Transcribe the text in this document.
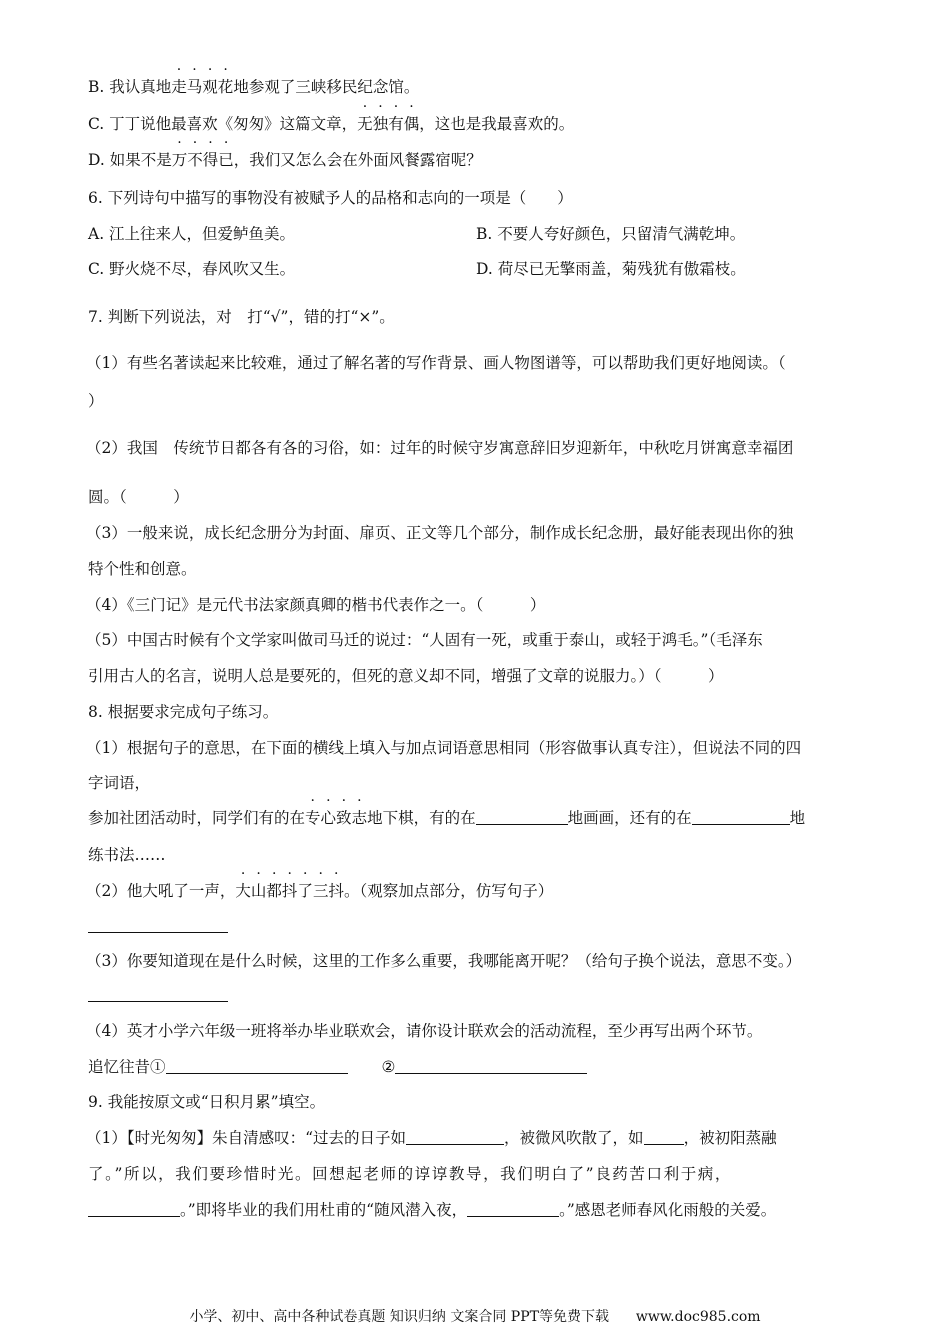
B. 我认真地走马观花地参观了三峡移民纪念馆。
C. 丁丁说他最喜欢《匆匆》这篇文章，无独有偶，这也是我最喜欢的。
D. 如果不是万不得已，我们又怎么会在外面风餐露宿呢？
6. 下列诗句中描写的事物没有被赋予人的品格和志向的一项是（　　）
A. 江上往来人，但爱鲈鱼美。	B. 不要人夸好颜色，只留清气满乾坤。
C. 野火烧不尽，春风吹又生。	D. 荷尽已无擎雨盖，菊残犹有傲霜枝。
7. 判断下列说法，对　打“√”，错的打“×”。
（1）有些名著读起来比较难，通过了解名著的写作背景、画人物图谱等，可以帮助我们更好地阅读。（
）
（2）我国　传统节日都各有各的习俗，如：过年的时候守岁寓意辞旧岁迎新年，中秋吃月饼寓意幸福团
圆。（　　　）
（3）一般来说，成长纪念册分为封面、扉页、正文等几个部分，制作成长纪念册，最好能表现出你的独
特个性和创意。
（4）《三门记》是元代书法家颜真卿的楷书代表作之一。（　　　）
（5）中国古时候有个文学家叫做司马迁的说过：“人固有一死，或重于泰山，或轻于鸿毛。”（毛泽东
引用古人的名言，说明人总是要死的，但死的意义却不同，增强了文章的说服力。）（　　　）
8. 根据要求完成句子练习。
（1）根据句子的意思，在下面的横线上填入与加点词语意思相同（形容做事认真专注），但说法不同的四
字词语，
参加社团活动时，同学们有的在专心致志地下棋，有的在	地画画，还有的在	地
练书法……
（2）他大吼了一声，大山都抖了三抖。（观察加点部分，仿写句子）
（3）你要知道现在是什么时候，这里的工作多么重要，我哪能离开呢？（给句子换个说法，意思不变。）
（4）英才小学六年级一班将举办毕业联欢会，请你设计联欢会的活动流程，至少再写出两个环节。
追忆往昔①	②
9. 我能按原文或“日积月累”填空。
（1）【时光匆匆】朱自清感叹：“过去的日子如	，被微风吹散了，如	，被初阳蒸融
了。”所以，我们要珍惜时光。回想起老师的谆谆教导，我们明白了”良药苦口利于病，
。”即将毕业的我们用杜甫的“随风潜入夜，	。”感恩老师春风化雨般的关爱。
小学、初中、高中各种试卷真题 知识归纳 文案合同 PPT等免费下载 www.doc985.com
